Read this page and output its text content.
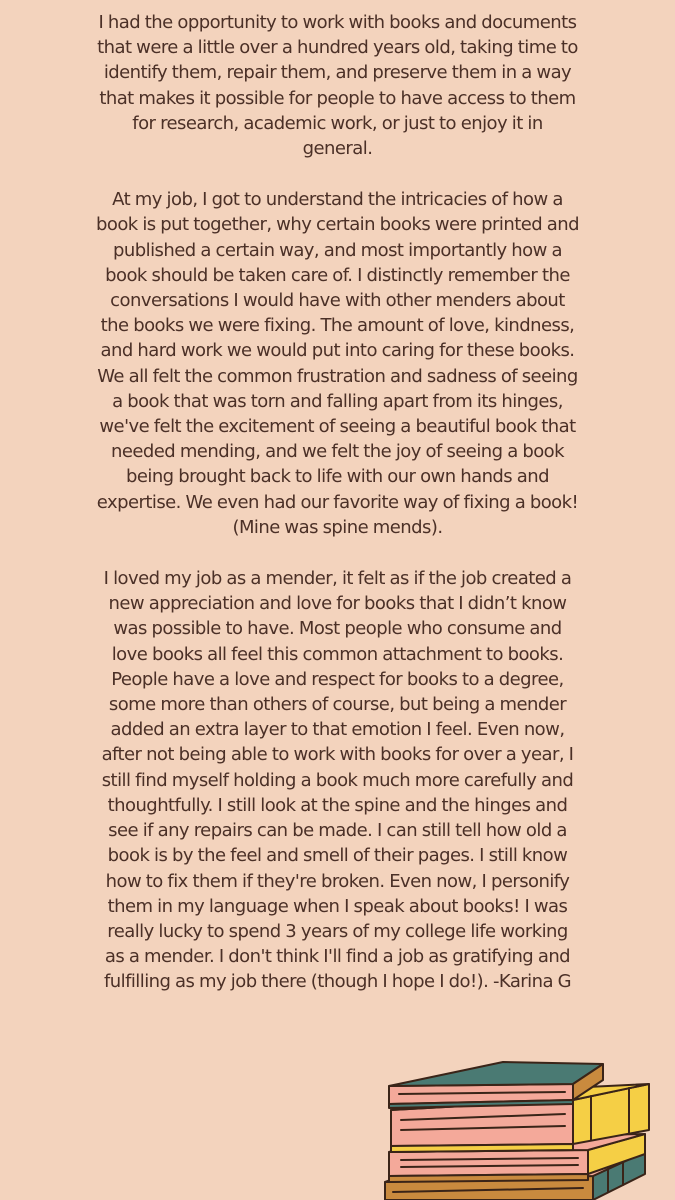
I had the opportunity to work with books and documents that were a little over a hundred years old, taking time to identify them, repair them, and preserve them in a way that makes it possible for people to have access to them for research, academic work, or just to enjoy it in general.

At my job, I got to understand the intricacies of how a book is put together, why certain books were printed and published a certain way, and most importantly how a book should be taken care of. I distinctly remember the conversations I would have with other menders about the books we were fixing. The amount of love, kindness, and hard work we would put into caring for these books. We all felt the common frustration and sadness of seeing a book that was torn and falling apart from its hinges, we've felt the excitement of seeing a beautiful book that needed mending, and we felt the joy of seeing a book being brought back to life with our own hands and expertise. We even had our favorite way of fixing a book! (Mine was spine mends).

I loved my job as a mender, it felt as if the job created a new appreciation and love for books that I didn’t know was possible to have. Most people who consume and love books all feel this common attachment to books. People have a love and respect for books to a degree, some more than others of course, but being a mender added an extra layer to that emotion I feel. Even now, after not being able to work with books for over a year, I still find myself holding a book much more carefully and thoughtfully. I still look at the spine and the hinges and see if any repairs can be made. I can still tell how old a book is by the feel and smell of their pages. I still know how to fix them if they're broken. Even now, I personify them in my language when I speak about books! I was really lucky to spend 3 years of my college life working as a mender. I don't think I'll find a job as gratifying and fulfilling as my job there (though I hope I do!). -Karina G
